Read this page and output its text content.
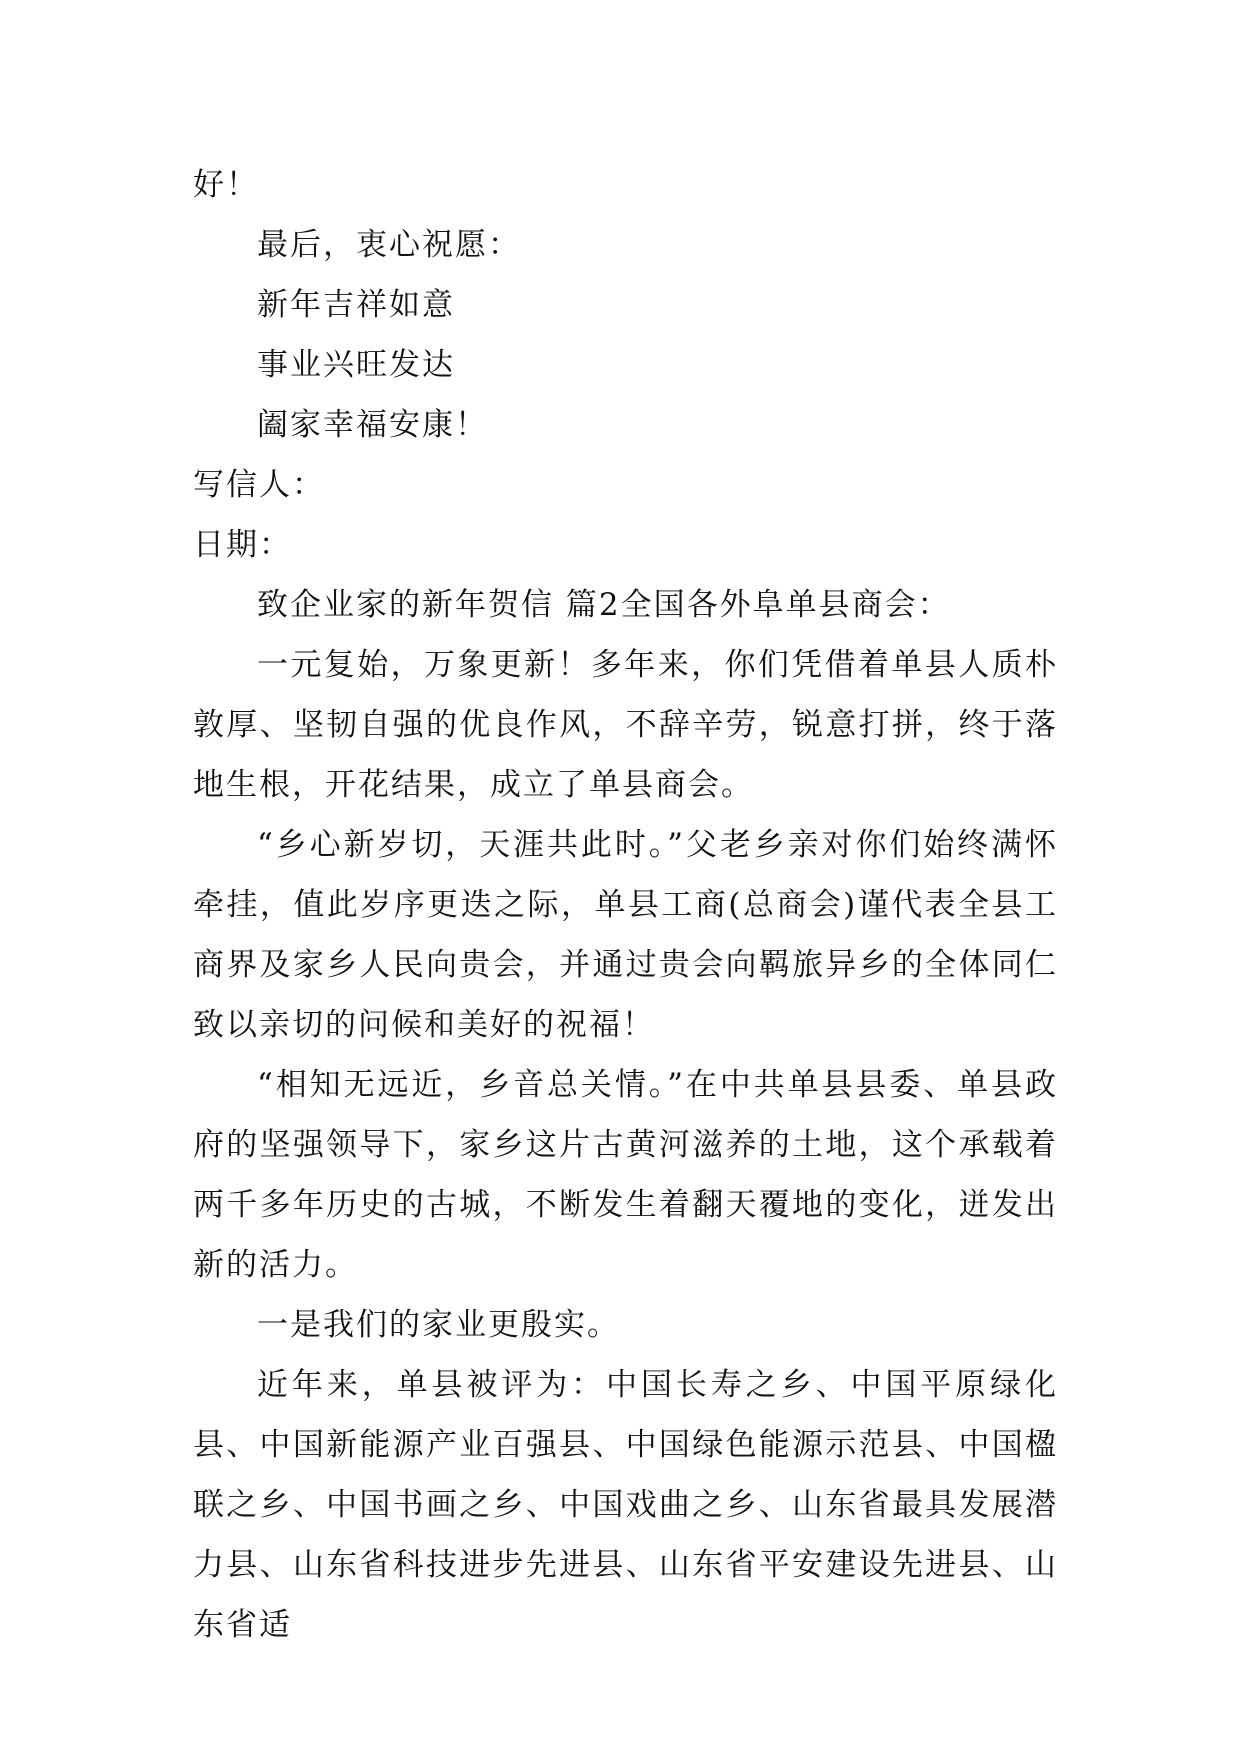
好！

最后，衷心祝愿：

新年吉祥如意

事业兴旺发达

阖家幸福安康！

写信人：

日期：

致企业家的新年贺信 篇2全国各外阜单县商会：

一元复始，万象更新！多年来，你们凭借着单县人质朴敦厚、坚韧自强的优良作风，不辞辛劳，锐意打拼，终于落地生根，开花结果，成立了单县商会。

“乡心新岁切，天涯共此时。”父老乡亲对你们始终满怀牵挂，值此岁序更迭之际，单县工商(总商会)谨代表全县工商界及家乡人民向贵会，并通过贵会向羁旅异乡的全体同仁致以亲切的问候和美好的祝福！

“相知无远近，乡音总关情。”在中共单县县委、单县政府的坚强领导下，家乡这片古黄河滋养的土地，这个承载着两千多年历史的古城，不断发生着翻天覆地的变化，迸发出新的活力。

一是我们的家业更殷实。

近年来，单县被评为：中国长寿之乡、中国平原绿化县、中国新能源产业百强县、中国绿色能源示范县、中国楹联之乡、中国书画之乡、中国戏曲之乡、山东省最具发展潜力县、山东省科技进步先进县、山东省平安建设先进县、山东省适
